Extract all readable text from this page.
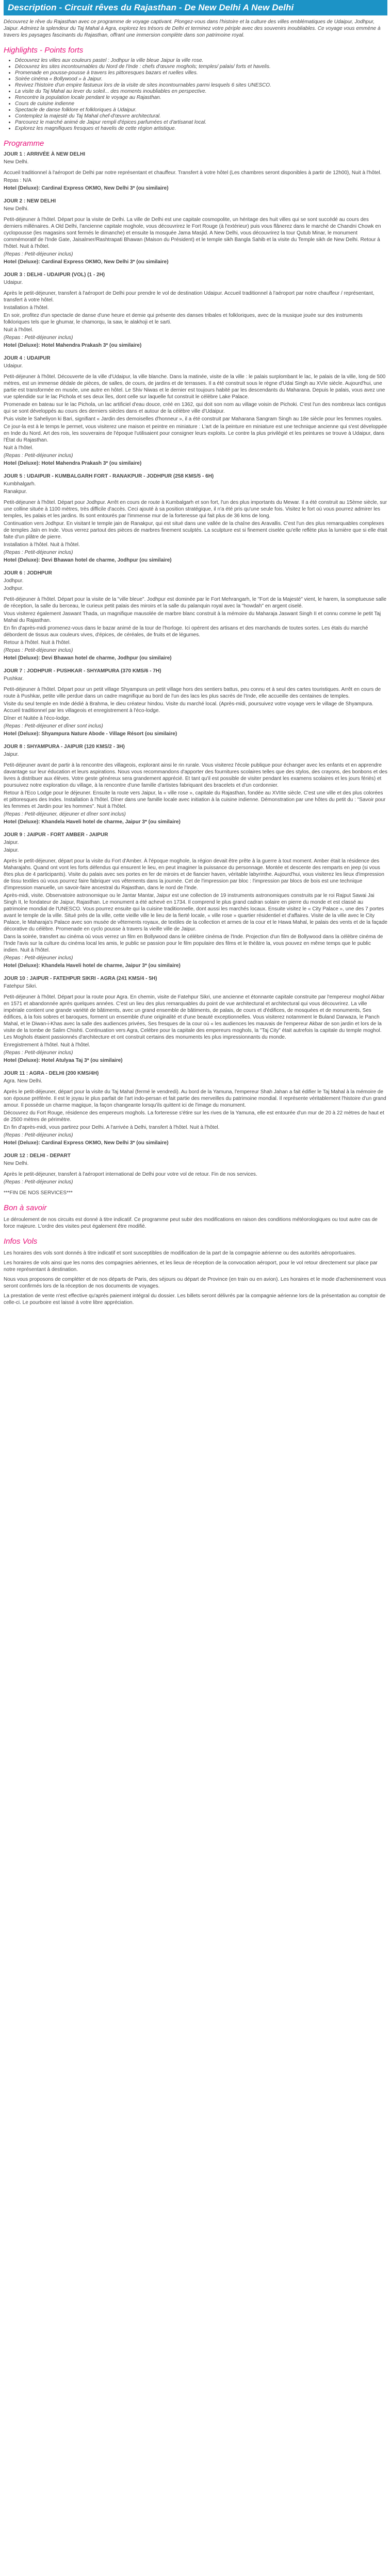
Description - Circuit rêves du Rajasthan - De New Delhi A New Delhi

Découvrez le rêve du Rajasthan avec ce programme de voyage captivant. Plongez-vous dans l'histoire et la culture des villes emblématiques de Udaipur, Jodhpur, Jaipur. Admirez la splendeur du Taj Mahal à Agra, explorez les trésors de Delhi et terminez votre périple avec des souvenirs inoubliables. Ce voyage vous emmène à travers les paysages fascinants du Rajasthan, offrant une immersion complète dans son patrimoine royal.

Highlights - Points forts
• Découvrez les villes aux couleurs pastel : Jodhpur la ville bleue Jaipur la ville rose.
• Découvrez les sites incontournables du Nord de l'Inde : chefs d'œuvre moghols; temples/ palais/ forts et havelis.
• Promenade en pousse-pousse à travers les pittoresques bazars et ruelles villes.
• Soirée cinéma « Bollywood » à Jaipur.
• Revivez l'histoire d'un empire fastueux lors de la visite de sites incontournables parmi lesquels 6 sites UNESCO.
• La visite du Taj Mahal au lever du soleil... des moments inoubliables en perspective.
• Rencontre la population locale pendant le voyage au Rajasthan.
• Cours de cuisine indienne
• Spectacle de danse folklore et folkloriques à Udaipur.
• Contemplez la majesté du Taj Mahal chef-d'œuvre architectural.
• Parcourez le marché animé de Jaipur rempli d'épices parfumées et d'artisanat local.
• Explorez les magnifiques fresques et havelis de cette région artistique.
Programme

JOUR 1 : ARRIVÉE À NEW DELHI

New Delhi.

Accueil traditionnel à l'aéroport de Delhi par notre représentant et chauffeur. Transfert à votre hôtel (Les chambres seront disponibles à partir de 12h00), Nuit à l'hôtel.

Repas : N/A

Hotel (Deluxe): Cardinal Express OKMO, New Delhi 3* (ou similaire)

JOUR 2 : NEW DELHI

New Delhi.

Petit-déjeuner à l'hôtel. Départ pour la visite de Delhi. La ville de Delhi est une capitale cosmopolite, un héritage des huit villes qui se sont succédé au cours des derniers millénaires. A Old Delhi, l'ancienne capitale moghole, vous découvrirez le Fort Rouge (à l'extérieur) puis vous flânerez dans le marché de Chandni Chowk en cyclopousse (les magasins sont fermés le dimanche) et ensuite la mosquée Jama Masjid. A New Delhi, vous découvrirez la tour Qutub Minar, le monument commémoratif de l'Inde Gate, Jaisalmer/Rashtrapati Bhawan (Maison du Président) et le temple sikh Bangla Sahib et la visite du Temple sikh de New Delhi. Retour à l'hôtel. Nuit à l'hôtel.

(Repas : Petit-déjeuner inclus)

Hotel (Deluxe): Cardinal Express OKMO, New Delhi 3* (ou similaire)

JOUR 3 : DELHI - UDAIPUR (VOL) (1 - 2H)

Udaipur.

Après le petit-déjeuner, transfert à l'aéroport de Delhi pour prendre le vol de destination Udaipur. Accueil traditionnel à l'aéroport par notre chauffeur / représentant, transfert à votre hôtel.

Installation à l'hôtel.

En soir, profitez d'un spectacle de danse d'une heure et demie qui présente des danses tribales et folkloriques, avec de la musique jouée sur des instruments folkloriques tels que le ghumar, le chamorqu, la saw, le alakhoji et le sarti.

Nuit à l'hôtel.

(Repas : Petit-déjeuner inclus)

Hotel (Deluxe): Hotel Mahendra Prakash 3* (ou similaire)

JOUR 4 : UDAIPUR

Udaipur.

Petit-déjeuner à l'hôtel. Découverte de la ville d'Udaipur, la ville blanche. Dans la matinée, visite de la ville : le palais surplombant le lac, le palais de la ville, long de 500 mètres, est un immense dédale de pièces, de salles, de cours, de jardins et de terrasses. Il a été construit sous le règne d'Udai Singh au XVIe siècle. Aujourd'hui, une partie est transformée en musée, une autre en hôtel. Le Shiv Niwas et le dernier est toujours habité par les descendants du Maharana. Depuis le palais, vous avez une vue splendide sur le lac Pichola et ses deux îles, dont celle sur laquelle fut construit le célèbre Lake Palace.

Promenade en bateau sur le lac Pichola, un lac artificiel d'eau douce, créé en 1362, qui doit son nom au village voisin de Pichoki. C'est l'un des nombreux lacs contigus qui se sont développés au cours des derniers siècles dans et autour de la célèbre ville d'Udaipur.

Puis visite le Saheliyon ki Bari, signifiant « Jardin des demoiselles d'honneur », il a été construit par Maharana Sangram Singh au 18e siècle pour les femmes royales.

Ce jour-la est à le temps le permet, vous visiterez une maison et peintre en miniature : L'art de la peinture en miniature est une technique ancienne qui s'est développée en Inde du Nord. Art des rois, les souverains de l'époque l'utilisaient pour consigner leurs exploits. Le contre la plus privilégié et les peintures se trouve à Udaipur, dans l'État du Rajasthan.

Nuit à l'hôtel.

(Repas : Petit-déjeuner inclus)

Hotel (Deluxe): Hotel Mahendra Prakash 3* (ou similaire)

JOUR 5 : UDAIPUR - KUMBALGARH FORT - RANAKPUR - JODHPUR (258 KMS/5 - 6H)

Kumbhalgarh.

Ranakpur.

Petit-déjeuner à l'hôtel. Départ pour Jodhpur. Arrêt en cours de route à Kumbalgarh et son fort, l'un des plus importants du Mewar. Il a été construit au 15ème siècle, sur une colline située à 1100 mètres, très difficile d'accès. Ceci ajouté à sa position stratégique, il n'a été pris qu'une seule fois. Visitez le fort où vous pourrez admirer les temples, les palais et les jardins. Ils sont entourés par l'immense mur de la forteresse qui fait plus de 36 kms de long.

Continuation vers Jodhpur. En visitant le temple jain de Ranakpur, qui est situé dans une vallée de la chaîne des Aravallis. C'est l'un des plus remarquables complexes de temples Jaïn en Inde. Vous verrez partout des pièces de marbres finement sculptés. La sculpture est si finement ciselée qu'elle reflète plus la lumière que si elle était faite d'un plâtre de pierre.

Installation à l'hôtel. Nuit à l'hôtel.

(Repas : Petit-déjeuner inclus)

Hotel (Deluxe): Devi Bhawan hotel de charme, Jodhpur (ou similaire)

JOUR 6 : JODHPUR

Jodhpur.

Jodhpur.

Petit-déjeuner à l'hôtel. Départ pour la visite de la "ville bleue". Jodhpur est dominée par le Fort Mehrangarh, le "Fort de la Majesté" vient, le harem, la somptueuse salle de réception, la salle du berceau, le curieux petit palais des miroirs et la salle du palanquin royal avec la "howdah" en argent ciselé.

Vous visiterez également Jaswant Thada, un magnifique mausolée de marbre blanc construit à la mémoire du Maharaja Jaswant Singh II et connu comme le petit Taj Mahal du Rajasthan.

En fin d'après-midi promenez-vous dans le bazar animé de la tour de l'horloge. Ici opèrent des artisans et des marchands de toutes sortes. Les étals du marché débordent de tissus aux couleurs vives, d'épices, de céréales, de fruits et de légumes.

Retour à l'hôtel. Nuit à l'hôtel.

(Repas : Petit-déjeuner inclus)

Hotel (Deluxe): Devi Bhawan hotel de charme, Jodhpur (ou similaire)

JOUR 7 : JODHPUR - PUSHKAR - SHYAMPURA (370 KMS/6 - 7H)

Pushkar.

Petit-déjeuner à l'hôtel. Départ pour un petit village Shyampura un petit village hors des sentiers battus, peu connu et à seul des cartes touristiques. Arrêt en cours de route à Pushkar, petite ville perdue dans un cadre magnifique au bord de l'un des lacs les plus sacrés de l'Inde, elle accueille des centaines de temples.

Visite du seul temple en Inde dédié à Brahma, le dieu créateur hindou. Visite du marché local. (Après-midi, poursuivez votre voyage vers le village de Shyampura. Accueil traditionnel par les villageois et enregistrement à l'éco-lodge.

Dîner et Nuitée à l'éco-lodge.

(Repas : Petit-déjeuner et dîner sont inclus)

Hotel (Deluxe): Shyampura Nature Abode - Village Résort (ou similaire)

JOUR 8 : SHYAMPURA - JAIPUR (120 KMS/2 - 3H)

Jaipur.

Petit-déjeuner avant de partir à la rencontre des villageois, explorant ainsi le rin rurale. Vous visiterez l'école publique pour échanger avec les enfants et en apprendre davantage sur leur éducation et leurs aspirations. Nous vous recommandons d'apporter des fournitures scolaires telles que des stylos, des crayons, des bonbons et des livres à distribuer aux élèves. Votre geste généreux sera grandement apprécié. Et tant qu'il est possible de visiter pendant les examens scolaires et les jours fériés) et poursuivez notre exploration du village, à la rencontre d'une famille d'artistes fabriquant des bracelets et d'un cordonnier.

Retour à l'Eco Lodge pour le déjeuner. Ensuite la route vers Jaipur, la « ville rose », capitale du Rajasthan, fondée au XVIIIe siècle. C'est une ville et des plus colorées et pittoresques des Indes. Installation à l'hôtel. Dîner dans une famille locale avec initiation à la cuisine indienne. Démonstration par une hôtes du petit du : "Savoir pour les femmes et Jardin pour les hommes". Nuit à l'hôtel.

(Repas : Petit-déjeuner, déjeuner et dîner sont inclus)

Hotel (Deluxe): Khandela Haveli hotel de charme, Jaipur 3* (ou similaire)

JOUR 9 : JAIPUR - FORT AMBER - JAIPUR

Jaipur.

Jaipur.

Après le petit-déjeuner, départ pour la visite du Fort d'Amber. À l'époque moghole, la région devait être prête à la guerre à tout moment. Amber était la résidence des Maharajahs. Quand ont vont les forts défendus qui ensurent le lieu, en peut imaginer la puissance du personnage. Montée et descente des remparts en jeep (si vous êtes plus de 4 participants). Visite du palais avec ses portes en fer de miroirs et de fiancier haven, véritable labyrinthe. Aujourd'hui, vous visiterez les lieux d'impression de tissu textiles où vous pourrez faire fabriquer vos vêtements dans la journée. Cet de l'impression par bloc : l'impression par blocs de bois est une technique d'impression manuelle, un savoir-faire ancestral du Rajasthan, dans le nord de l'Inde.

Après-midi, visite. Observatoire astronomique ou le Jantar Mantar, Jaipur est une collection de 19 instruments astronomiques construits par le roi Rajput Sawai Jai Singh II, le fondateur de Jaipur, Rajasthan. Le monument a été achevé en 1734. Il comprend le plus grand cadran solaire en pierre du monde et est classé au patrimoine mondial de l'UNESCO. Vous pourrez ensuite qui la cuisine traditionnelle, dont aussi les marchés locaux. Ensuite visitez le « City Palace », une des 7 portes avant le temple de la ville. Situé près de la ville, cette vieille ville le lieu de la fierté locale, « ville rose » quartier résidentiel et d'affaires. Visite de la ville avec le City Palace, le Maharaja's Palace avec son musée de vêtements royaux, de textiles de la collection et armes de la cour et le Hawa Mahal, le palais des vents et de la façade décorative du célèbre. Promenade en cyclo pousse à travers la vieille ville de Jaipur.

Dans la soirée, transfert au cinéma où vous verrez un film en Bollywood dans le célèbre cinéma de l'Inde. Projection d'un film de Bollywood dans la célèbre cinéma de l'Inde l'avis sur la culture du cinéma local les amis, le public se passion pour le film populaire des films et le théâtre la, vous pouvez en même temps que le public indien. Nuit à l'hôtel.

(Repas : Petit-déjeuner inclus)

Hotel (Deluxe): Khandela Haveli hotel de charme, Jaipur 3* (ou similaire)

JOUR 10 : JAIPUR - FATEHPUR SIKRI - AGRA (241 KMS/4 - 5H)

Fatehpur Sikri.

Petit-déjeuner à l'hôtel. Départ pour la route pour Agra. En chemin, visite de Fatehpur Sikri, une ancienne et étonnante capitale construite par l'empereur moghol Akbar en 1571 et abandonnée après quelques années. C'est un lieu des plus remarquables du point de vue architectural et architectural qui vous découvrirez. La ville impériale contient une grande variété de bâtiments, avec un grand ensemble de bâtiments, de palais, de cours et d'édifices, de mosquées et de monuments, Ses édifices, à la fois sobres et baroques, forment un ensemble d'une originalité et d'une beauté exceptionnelles. Vous visiterez notamment le Buland Darwaza, le Panch Mahal, et le Diwan-i-Khas avec la salle des audiences privées, Ses fresques de la cour où « les audiences les mauvais de l'empereur Akbar de son jardin et lors de la visite de la tombe de Salim Chishti. Continuation vers Agra, Celébre pour la capitale des empereurs moghols, la "Taj City" était autrefois la capitale du temple moghol. Les Moghols étaient passionnés d'architecture et ont construit certains des monuments les plus impressionnants du monde.

Enregistrement à l'hôtel. Nuit à l'hôtel.

(Repas : Petit-déjeuner inclus)

Hotel (Deluxe): Hotel Atulyaa Taj 3* (ou similaire)

JOUR 11 : AGRA - DELHI (200 KMS/4H)

Agra. New Delhi.

Après le petit-déjeuner, départ pour la visite du Taj Mahal (fermé le vendredi). Au bord de la Yamuna, l'empereur Shah Jahan a fait édifier le Taj Mahal à la mémoire de son épouse préférée. Il est le joyau le plus parfait de l'art indo-persan et fait partie des merveilles du patrimoine mondial. Il représente véritablement l'histoire d'un grand amour. Il possède un charme magique, la façon changeante lorsqu'ils quittent ici de l'image du monument.

Découvrez du Fort Rouge, résidence des empereurs moghols. La forteresse s'étire sur les rives de la Yamuna, elle est entourée d'un mur de 20 à 22 mètres de haut et de 2500 mètres de périmètre.

En fin d'après-midi, vous partirez pour Delhi. A l'arrivée à Delhi, transfert à l'hôtel. Nuit à l'hôtel.

(Repas : Petit-déjeuner inclus)

Hotel (Deluxe): Cardinal Express OKMO, New Delhi 3* (ou similaire)

JOUR 12 : DELHI - DEPART

New Delhi.

Après le petit-déjeuner, transfert à l'aéroport international de Delhi pour votre vol de retour. Fin de nos services.

(Repas : Petit-déjeuner inclus)

***FIN DE NOS SERVICES***

Bon à savoir

Le déroulement de nos circuits est donné à titre indicatif. Ce programme peut subir des modifications en raison des conditions météorologiques ou tout autre cas de force majeure. L'ordre des visites peut également être modifié.

Infos Vols

Les horaires des vols sont donnés à titre indicatif et sont susceptibles de modification de la part de la compagnie aérienne ou des autorités aéroportuaires.

Les horaires de vols ainsi que les noms des compagnies aériennes, et les lieux de réception de la convocation aéroport, pour le vol retour directement sur place par notre représentant à destination.

Nous vous proposons de compléter et de nos départs de Paris, des séjours ou départ de Province (en train ou en avion). Les horaires et le mode d'acheminement vous seront confirmés lors de la réception de nos documents de voyages.

La prestation de vente n'est effective qu'après paiement intégral du dossier. Les billets seront délivrés par la compagnie aérienne lors de la présentation au comptoir de celle-ci. Le pourboire est laissé à votre libre appréciation.
